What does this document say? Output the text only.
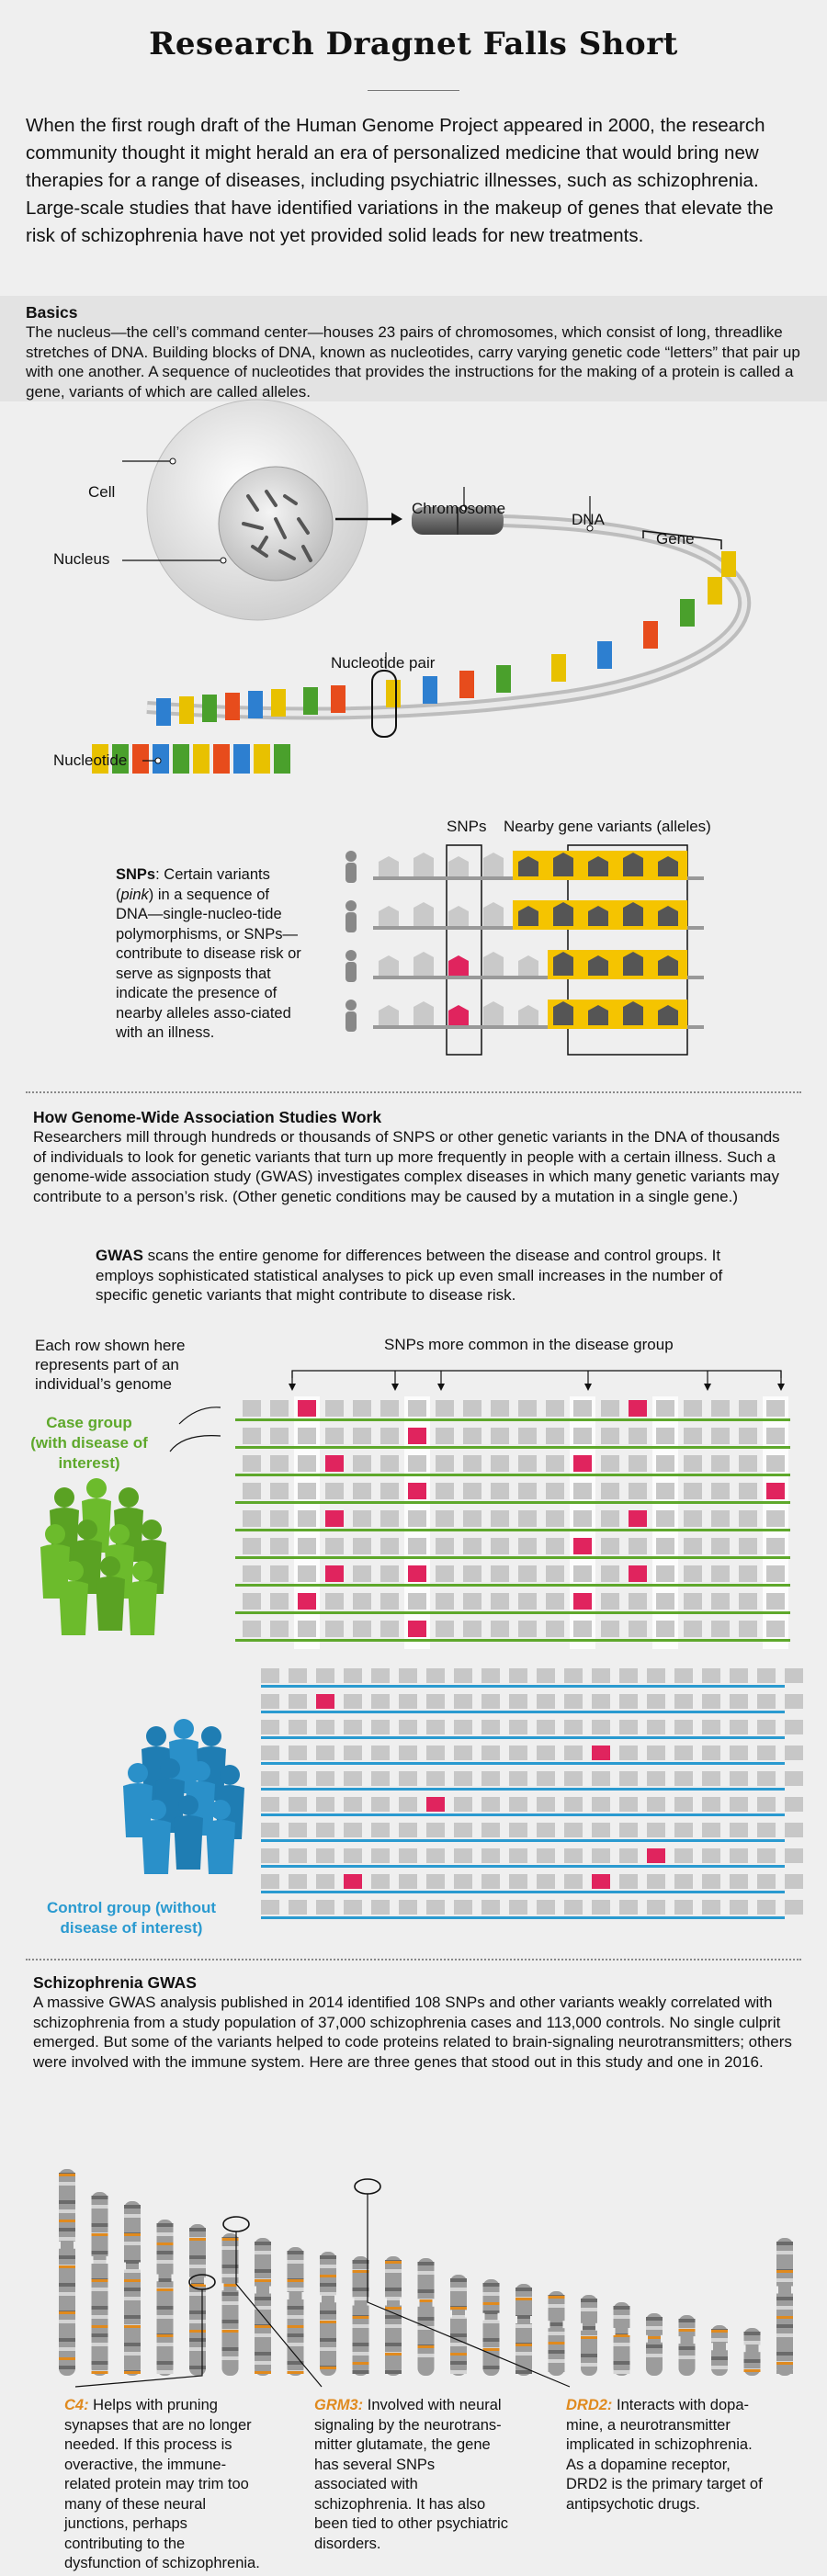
Research Dragnet Falls Short
When the first rough draft of the Human Genome Project appeared in 2000, the research community thought it might herald an era of personalized medicine that would bring new therapies for a range of diseases, including psychiatric illnesses, such as schizophrenia. Large-scale studies that have identified variations in the makeup of genes that elevate the risk of schizophrenia have not yet provided solid leads for new treatments.
Basics
The nucleus—the cell’s command center—houses 23 pairs of chromosomes, which consist of long, threadlike stretches of DNA. Building blocks of DNA, known as nucleotides, carry varying genetic code “letters” that pair up with one another. A sequence of nucleotides that provides the instructions for the making of a protein is called a gene, variants of which are called alleles.
Cell
Nucleus
Chromosome
DNA
Gene
Nucleotide pair
Nucleotide
SNPs: Certain variants (pink) in a sequence of DNA—single-nucleo-tide polymorphisms, or SNPs—contribute to disease risk or serve as signposts that indicate the presence of nearby alleles asso-ciated with an illness.
SNPs Nearby gene variants (alleles)
How Genome-Wide Association Studies Work
Researchers mill through hundreds or thousands of SNPS or other genetic variants in the DNA of thousands of individuals to look for genetic variants that turn up more frequently in people with a certain illness. Such a genome-wide association study (GWAS) investigates complex diseases in which many genetic variants may contribute to a person’s risk. (Other genetic conditions may be caused by a mutation in a single gene.)
GWAS scans the entire genome for differences between the disease and control groups. It employs sophisticated statistical analyses to pick up even small increases in the number of specific genetic variants that might contribute to disease risk.
Each row shown here represents part of an individual’s genome
SNPs more common in the disease group
Case group (with disease of interest)
Control group (without disease of interest)
Schizophrenia GWAS
A massive GWAS analysis published in 2014 identified 108 SNPs and other variants weakly correlated with schizophrenia from a study population of 37,000 schizophrenia cases and 113,000 controls. No single culprit emerged. But some of the variants helped to code proteins related to brain-signaling neurotransmitters; others were involved with the immune system. Here are three genes that stood out in this study and one in 2016.
C4: Helps with pruning synapses that are no longer needed. If this process is overactive, the immune-related protein may trim too many of these neural junctions, perhaps contributing to the dysfunction of schizophrenia.
GRM3: Involved with neural signaling by the neurotrans-mitter glutamate, the gene has several SNPs associated with schizophrenia. It has also been tied to other psychiatric disorders.
DRD2: Interacts with dopa-mine, a neurotransmitter implicated in schizophrenia. As a dopamine receptor, DRD2 is the primary target of antipsychotic drugs.
